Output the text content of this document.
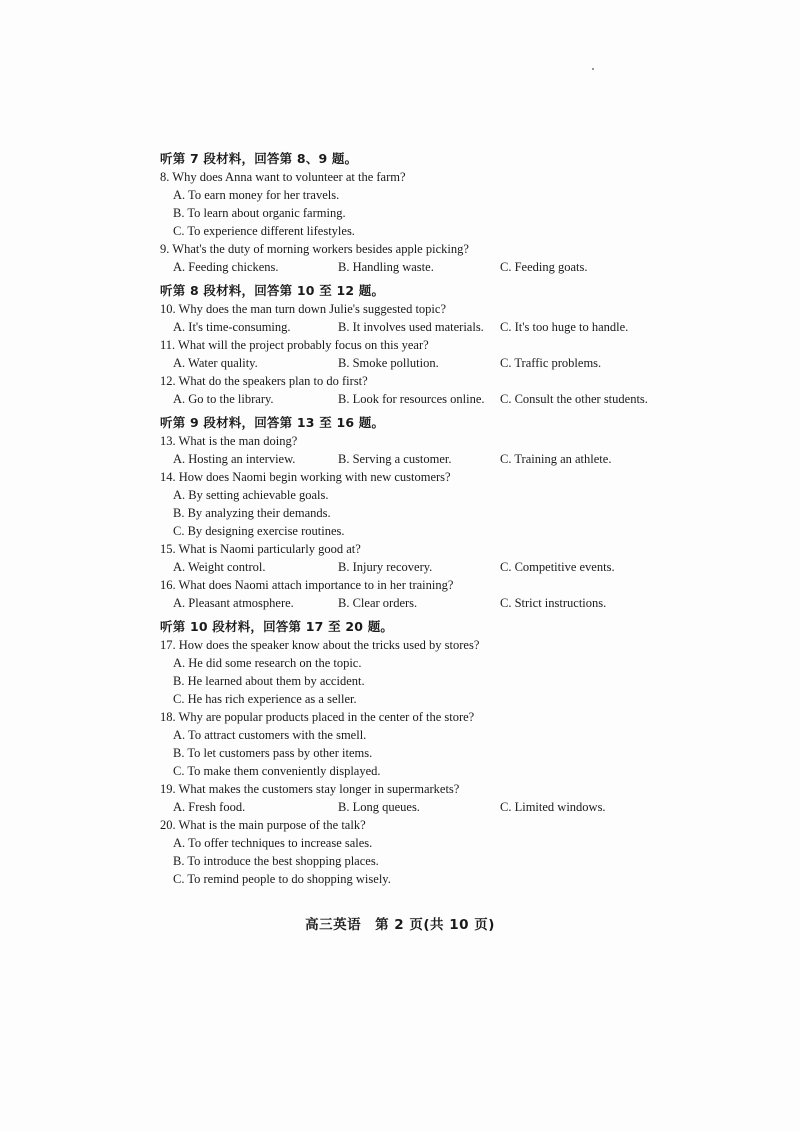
听第 7 段材料，回答第 8、9 题。
8. Why does Anna want to volunteer at the farm?
A. To earn money for her travels.
B. To learn about organic farming.
C. To experience different lifestyles.
9. What's the duty of morning workers besides apple picking?
A. Feeding chickens.	B. Handling waste.	C. Feeding goats.
听第 8 段材料，回答第 10 至 12 题。
10. Why does the man turn down Julie's suggested topic?
A. It's time-consuming.	B. It involves used materials. C. It's too huge to handle.
11. What will the project probably focus on this year?
A. Water quality.	B. Smoke pollution.	C. Traffic problems.
12. What do the speakers plan to do first?
A. Go to the library.	B. Look for resources online. C. Consult the other students.
听第 9 段材料，回答第 13 至 16 题。
13. What is the man doing?
A. Hosting an interview.	B. Serving a customer.	C. Training an athlete.
14. How does Naomi begin working with new customers?
A. By setting achievable goals.
B. By analyzing their demands.
C. By designing exercise routines.
15. What is Naomi particularly good at?
A. Weight control.	B. Injury recovery.	C. Competitive events.
16. What does Naomi attach importance to in her training?
A. Pleasant atmosphere.	B. Clear orders.	C. Strict instructions.
听第 10 段材料，回答第 17 至 20 题。
17. How does the speaker know about the tricks used by stores?
A. He did some research on the topic.
B. He learned about them by accident.
C. He has rich experience as a seller.
18. Why are popular products placed in the center of the store?
A. To attract customers with the smell.
B. To let customers pass by other items.
C. To make them conveniently displayed.
19. What makes the customers stay longer in supermarkets?
A. Fresh food.	B. Long queues.	C. Limited windows.
20. What is the main purpose of the talk?
A. To offer techniques to increase sales.
B. To introduce the best shopping places.
C. To remind people to do shopping wisely.
高三英语　第 2 页(共 10 页)
